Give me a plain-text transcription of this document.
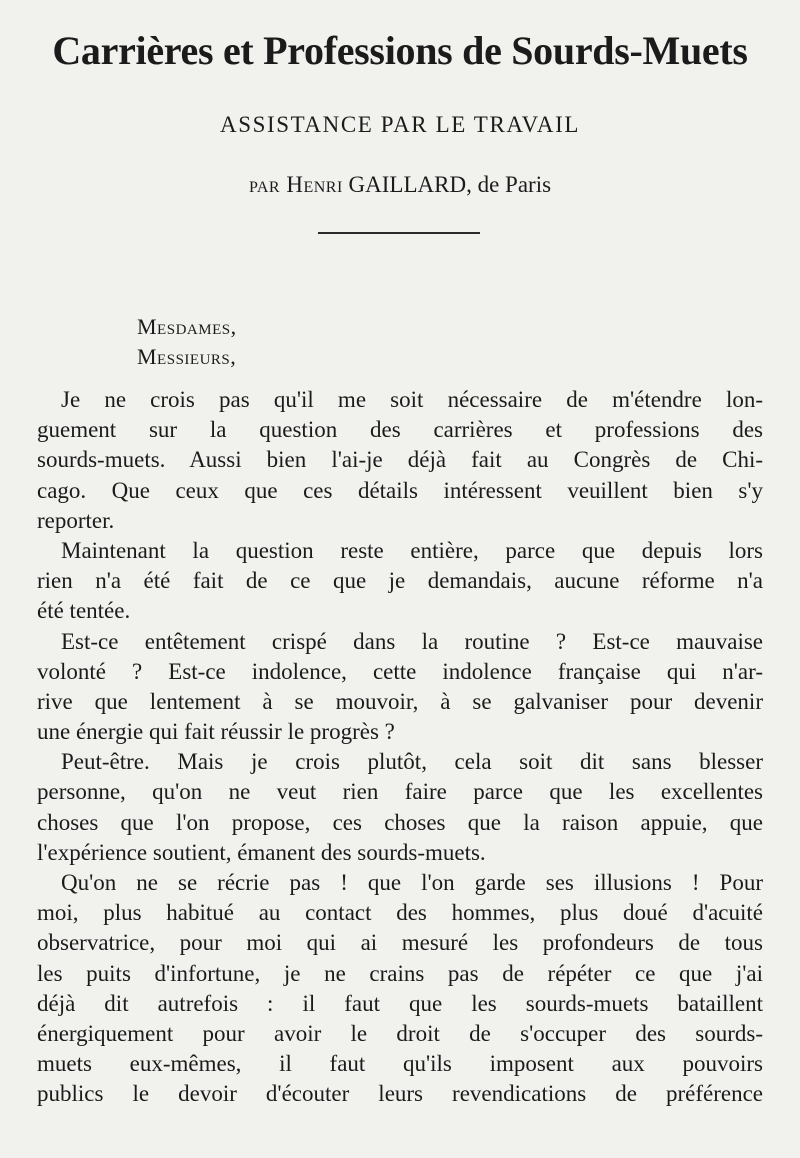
Carrières et Professions de Sourds-Muets
ASSISTANCE PAR LE TRAVAIL

par Henri GAILLARD, de Paris

Mesdames,
Messieurs,

Je ne crois pas qu'il me soit nécessaire de m'étendre lon-
guement sur la question des carrières et professions des
sourds-muets. Aussi bien l'ai-je déjà fait au Congrès de Chi-
cago. Que ceux que ces détails intéressent veuillent bien s'y
reporter.

Maintenant la question reste entière, parce que depuis lors
rien n'a été fait de ce que je demandais, aucune réforme n'a
été tentée.

Est-ce entêtement crispé dans la routine ? Est-ce mauvaise
volonté ? Est-ce indolence, cette indolence française qui n'ar-
rive que lentement à se mouvoir, à se galvaniser pour devenir
une énergie qui fait réussir le progrès ?

Peut-être. Mais je crois plutôt, cela soit dit sans blesser
personne, qu'on ne veut rien faire parce que les excellentes
choses que l'on propose, ces choses que la raison appuie, que
l'expérience soutient, émanent des sourds-muets.

Qu'on ne se récrie pas ! que l'on garde ses illusions ! Pour
moi, plus habitué au contact des hommes, plus doué d'acuité
observatrice, pour moi qui ai mesuré les profondeurs de tous
les puits d'infortune, je ne crains pas de répéter ce que j'ai
déjà dit autrefois : il faut que les sourds-muets bataillent
énergiquement pour avoir le droit de s'occuper des sourds-
muets eux-mêmes, il faut qu'ils imposent aux pouvoirs
publics le devoir d'écouter leurs revendications de préférence
